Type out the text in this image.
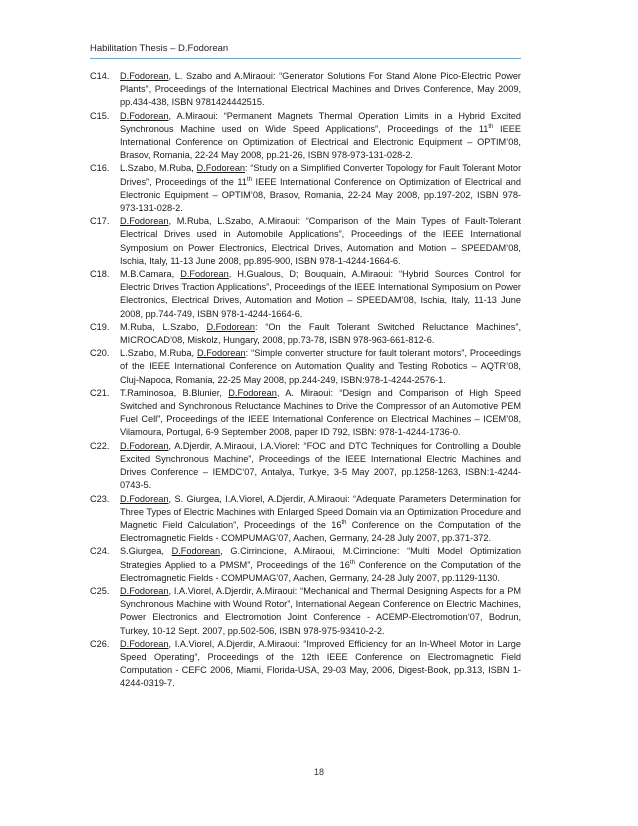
Habilitation Thesis – D.Fodorean
C14. D.Fodorean, L. Szabo and A.Miraoui: “Generator Solutions For Stand Alone Pico-Electric Power Plants”, Proceedings of the International Electrical Machines and Drives Conference, May 2009, pp.434-438, ISBN 9781424442515.
C15. D.Fodorean, A.Miraoui: “Permanent Magnets Thermal Operation Limits in a Hybrid Excited Synchronous Machine used on Wide Speed Applications”, Proceedings of the 11th IEEE International Conference on Optimization of Electrical and Electronic Equipment – OPTIM’08, Brasov, Romania, 22-24 May 2008, pp.21-26, ISBN 978-973-131-028-2.
C16. L.Szabo, M.Ruba, D.Fodorean: “Study on a Simplified Converter Topology for Fault Tolerant Motor Drives”, Proceedings of the 11th IEEE International Conference on Optimization of Electrical and Electronic Equipment – OPTIM’08, Brasov, Romania, 22-24 May 2008, pp.197-202, ISBN 978-973-131-028-2.
C17. D.Fodorean, M.Ruba, L.Szabo, A.Miraoui: “Comparison of the Main Types of Fault-Tolerant Electrical Drives used in Automobile Applications”, Proceedings of the IEEE International Symposium on Power Electronics, Electrical Drives, Automation and Motion – SPEEDAM’08, Ischia, Italy, 11-13 June 2008, pp.895-900, ISBN 978-1-4244-1664-6.
C18. M.B.Camara, D.Fodorean, H.Gualous, D; Bouquain, A.Miraoui: “Hybrid Sources Control for Electric Drives Traction Applications”, Proceedings of the IEEE International Symposium on Power Electronics, Electrical Drives, Automation and Motion – SPEEDAM’08, Ischia, Italy, 11-13 June 2008, pp.744-749, ISBN 978-1-4244-1664-6.
C19. M.Ruba, L.Szabo, D.Fodorean: “On the Fault Tolerant Switched Reluctance Machines”, MICROCAD’08, Miskolz, Hungary, 2008, pp.73-78, ISBN 978-963-661-812-6.
C20. L.Szabo, M.Ruba, D.Fodorean: “Simple converter structure for fault tolerant motors”, Proceedings of the IEEE International Conference on Automation Quality and Testing Robotics – AQTR’08, Cluj-Napoca, Romania, 22-25 May 2008, pp.244-249, ISBN:978-1-4244-2576-1.
C21. T.Raminosoa, B.Blunier, D.Fodorean, A. Miraoui: “Design and Comparison of High Speed Switched and Synchronous Reluctance Machines to Drive the Compressor of an Automotive PEM Fuel Cell”, Proceedings of the IEEE International Conference on Electrical Machines – ICEM’08, Vilamoura, Portugal, 6-9 September 2008, paper ID 792, ISBN: 978-1-4244-1736-0.
C22. D.Fodorean, A.Djerdir, A.Miraoui, I.A.Viorel: “FOC and DTC Techniques for Controlling a Double Excited Synchronous Machine”, Proceedings of the IEEE International Electric Machines and Drives Conference – IEMDC’07, Antalya, Turkye, 3-5 May 2007, pp.1258-1263, ISBN:1-4244-0743-5.
C23. D.Fodorean, S. Giurgea, I.A.Viorel, A.Djerdir, A.Miraoui: “Adequate Parameters Determination for Three Types of Electric Machines with Enlarged Speed Domain via an Optimization Procedure and Magnetic Field Calculation”, Proceedings of the 16th Conference on the Computation of the Electromagnetic Fields - COMPUMAG’07, Aachen, Germany, 24-28 July 2007, pp.371-372.
C24. S.Giurgea, D.Fodorean, G.Cirrincione, A.Miraoui, M.Cirrincione: “Multi Model Optimization Strategies Applied to a PMSM”, Proceedings of the 16th Conference on the Computation of the Electromagnetic Fields - COMPUMAG’07, Aachen, Germany, 24-28 July 2007, pp.1129-1130.
C25. D.Fodorean, I.A.Viorel, A.Djerdir, A.Miraoui: “Mechanical and Thermal Designing Aspects for a PM Synchronous Machine with Wound Rotor”, International Aegean Conference on Electric Machines, Power Electronics and Electromotion Joint Conference - ACEMP-Electromotion’07, Bodrun, Turkey, 10-12 Sept. 2007, pp.502-506, ISBN 978-975-93410-2-2.
C26. D.Fodorean, I.A.Viorel, A.Djerdir, A.Miraoui: “Improved Efficiency for an In-Wheel Motor in Large Speed Operating”, Proceedings of the 12th IEEE Conference on Electromagnetic Field Computation - CEFC 2006, Miami, Florida-USA, 29-03 May, 2006, Digest-Book, pp.313, ISBN 1-4244-0319-7.
18
